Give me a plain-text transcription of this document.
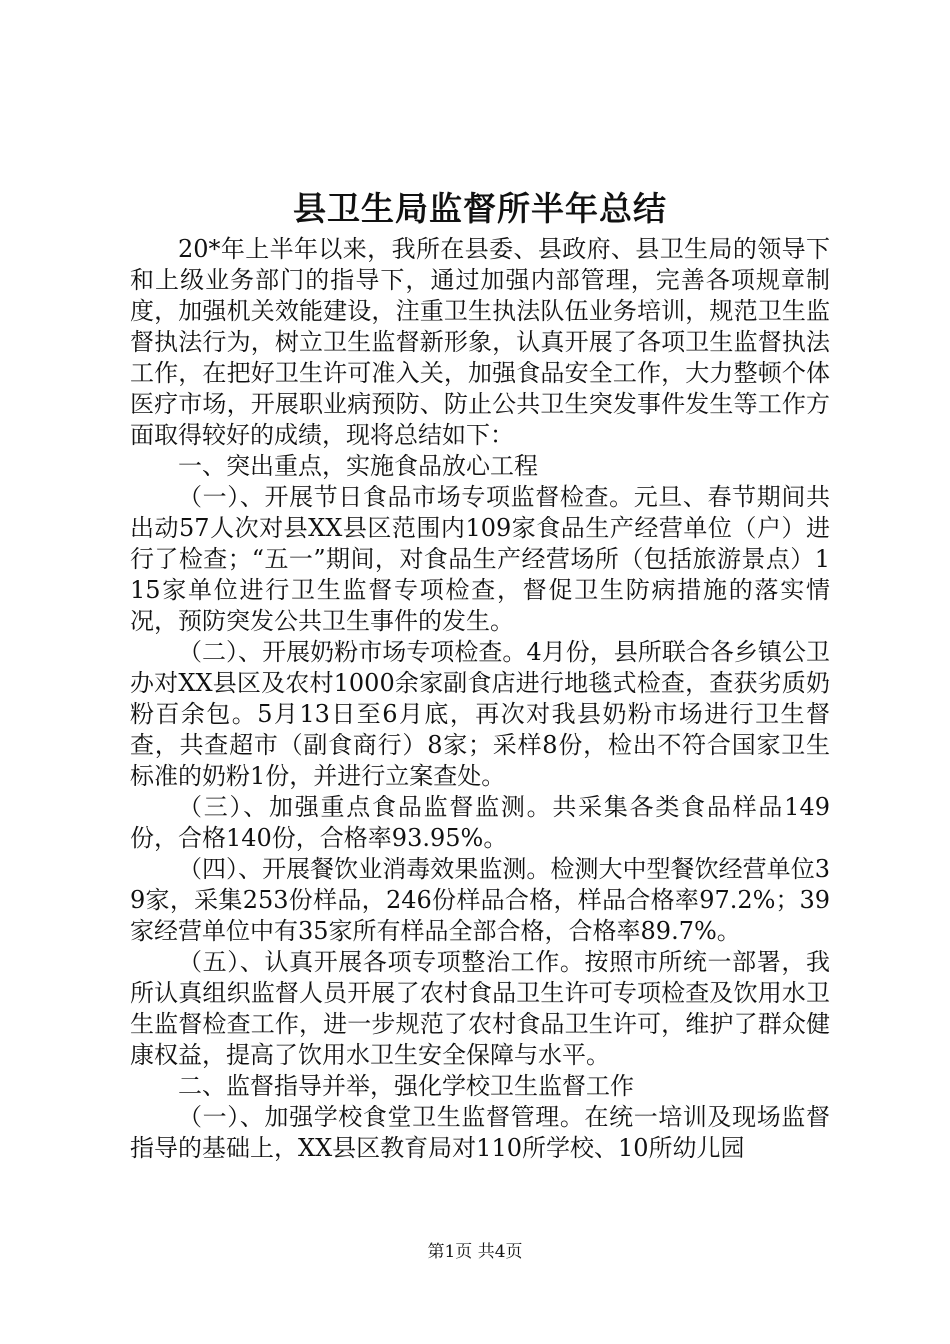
县卫生局监督所半年总结

20*年上半年以来，我所在县委、县政府、县卫生局的领导下和上级业务部门的指导下，通过加强内部管理，完善各项规章制度，加强机关效能建设，注重卫生执法队伍业务培训，规范卫生监督执法行为，树立卫生监督新形象，认真开展了各项卫生监督执法工作，在把好卫生许可准入关，加强食品安全工作，大力整顿个体医疗市场，开展职业病预防、防止公共卫生突发事件发生等工作方面取得较好的成绩，现将总结如下：

一、突出重点，实施食品放心工程

（一）、开展节日食品市场专项监督检查。元旦、春节期间共出动57人次对县XX县区范围内109家食品生产经营单位（户）进行了检查；“五一”期间，对食品生产经营场所（包括旅游景点）115家单位进行卫生监督专项检查，督促卫生防病措施的落实情况，预防突发公共卫生事件的发生。

（二）、开展奶粉市场专项检查。4月份，县所联合各乡镇公卫办对XX县区及农村1000余家副食店进行地毯式检查，查获劣质奶粉百余包。5月13日至6月底，再次对我县奶粉市场进行卫生督查，共查超市（副食商行）8家；采样8份，检出不符合国家卫生标准的奶粉1份，并进行立案查处。

（三）、加强重点食品监督监测。共采集各类食品样品149份，合格140份，合格率93.95%。

（四）、开展餐饮业消毒效果监测。检测大中型餐饮经营单位39家，采集253份样品，246份样品合格，样品合格率97.2%；39家经营单位中有35家所有样品全部合格，合格率89.7%。

（五）、认真开展各项专项整治工作。按照市所统一部署，我所认真组织监督人员开展了农村食品卫生许可专项检查及饮用水卫生监督检查工作，进一步规范了农村食品卫生许可，维护了群众健康权益，提高了饮用水卫生安全保障与水平。

二、监督指导并举，强化学校卫生监督工作

（一）、加强学校食堂卫生监督管理。在统一培训及现场监督指导的基础上，XX县区教育局对110所学校、10所幼儿园

第1页 共4页
